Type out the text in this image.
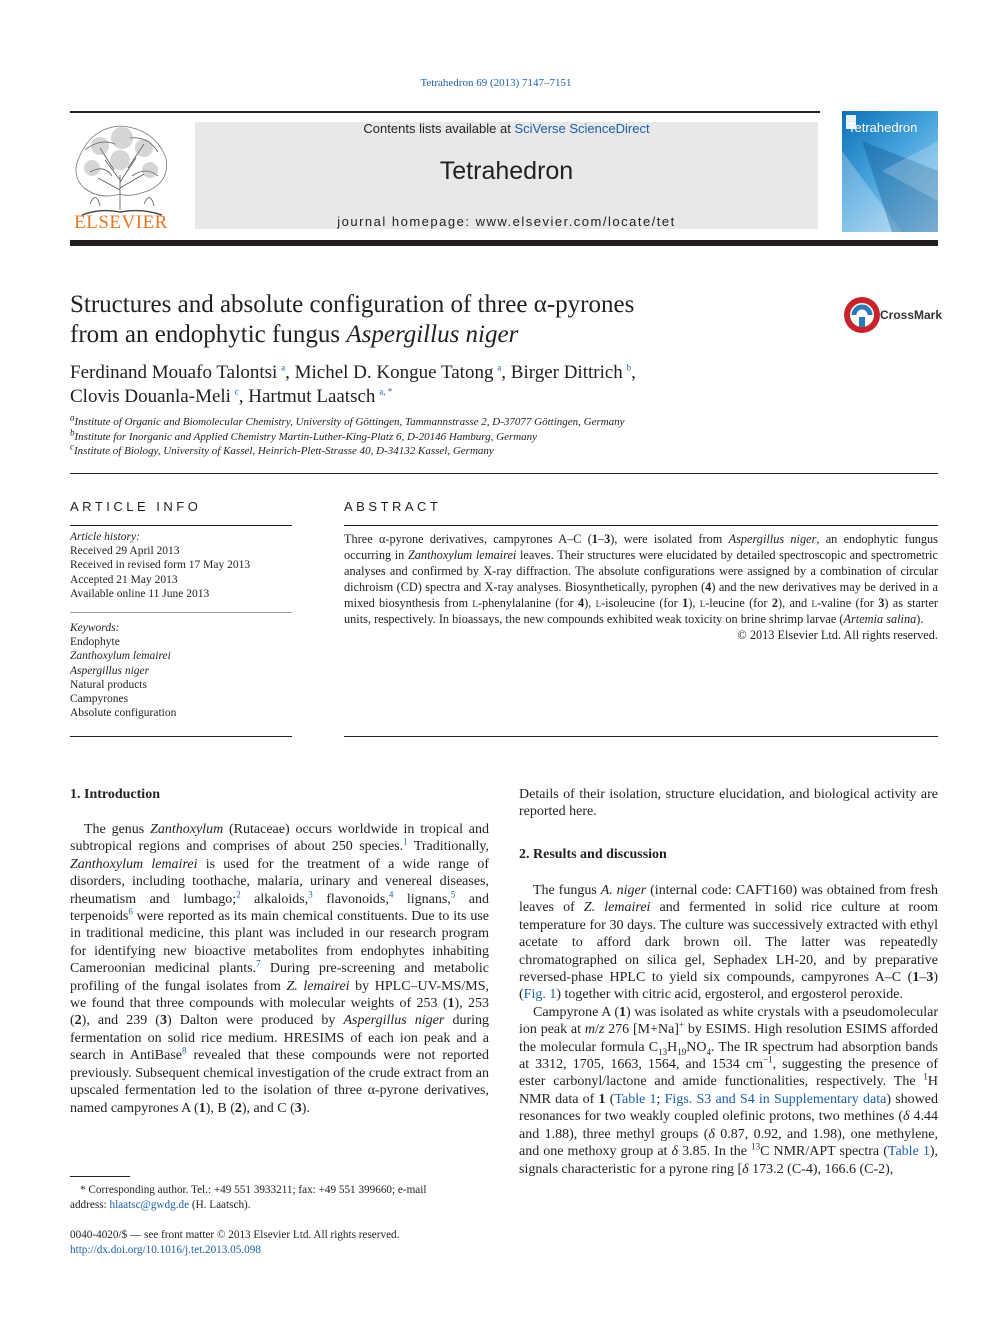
Tetrahedron 69 (2013) 7147–7151
Contents lists available at SciVerse ScienceDirect
Tetrahedron
journal homepage: www.elsevier.com/locate/tet
ELSEVIER
Tetrahedron
Structures and absolute configuration of three α-pyrones
from an endophytic fungus Aspergillus niger
CrossMark
Ferdinand Mouafo Talontsi  $^a$, Michel D. Kongue Tatong  $^a$, Birger Dittrich  $^b$,
Clovis Douanla-Meli  $^c$, Hartmut Laatsch  $^{a, *}$
$^a$Institute of Organic and Biomolecular Chemistry, University of Göttingen, Tammannstrasse 2, D-37077 Göttingen, Germany
$^b$Institute for Inorganic and Applied Chemistry Martin-Luther-King-Platz 6, D-20146 Hamburg, Germany
$^c$Institute of Biology, University of Kassel, Heinrich-Plett-Strasse 40, D-34132 Kassel, Germany
ARTICLE INFO
Article history:
Received 29 April 2013
Received in revised form 17 May 2013
Accepted 21 May 2013
Available online 11 June 2013
Keywords:
Endophyte
Zanthoxylum lemairei
Aspergillus niger
Natural products
Campyrones
Absolute configuration
ABSTRACT
Three α-pyrone derivatives, campyrones A–C (1–3), were isolated from Aspergillus niger, an endophytic fungus occurring in Zanthoxylum lemairei leaves. Their structures were elucidated by detailed spectroscopic and spectrometric analyses and confirmed by X-ray diffraction. The absolute configurations were assigned by a combination of circular dichroism (CD) spectra and X-ray analyses. Biosynthetically, pyrophen (4) and the new derivatives may be derived in a mixed biosynthesis from l-phenylalanine (for 4), l-isoleucine (for 1), l-leucine (for 2), and l-valine (for 3) as starter units, respectively. In bioassays, the new compounds exhibited weak toxicity on brine shrimp larvae (Artemia salina).
© 2013 Elsevier Ltd. All rights reserved.
1. Introduction
 The genus Zanthoxylum (Rutaceae) occurs worldwide in tropical and subtropical regions and comprises of about 250 species.$^1$ Traditionally, Zanthoxylum lemairei is used for the treatment of a wide range of disorders, including toothache, malaria, urinary and venereal diseases, rheumatism and lumbago;$^2$ alkaloids,$^3$ flavonoids,$^4$ lignans,$^5$ and terpenoids$^6$ were reported as its main chemical constituents. Due to its use in traditional medicine, this plant was included in our research program for identifying new bioactive metabolites from endophytes inhabiting Cameroonian medicinal plants.$^7$ During pre-screening and metabolic profiling of the fungal isolates from Z. lemairei by HPLC–UV-MS/MS, we found that three compounds with molecular weights of 253 (1), 253 (2), and 239 (3) Dalton were produced by Aspergillus niger during fermentation on solid rice medium. HRESIMS of each ion peak and a search in AntiBase$^8$ revealed that these compounds were not reported previously. Subsequent chemical investigation of the crude extract from an upscaled fermentation led to the isolation of three α-pyrone derivatives, named campyrones A (1), B (2), and C (3).
* Corresponding author. Tel.: +49 551 3933211; fax: +49 551 399660; e-mail
address: hlaatsc@gwdg.de (H. Laatsch).
0040-4020/$ — see front matter © 2013 Elsevier Ltd. All rights reserved.
http://dx.doi.org/10.1016/j.tet.2013.05.098
Details of their isolation, structure elucidation, and biological activity are reported here.
2. Results and discussion
 The fungus A. niger (internal code: CAFT160) was obtained from fresh leaves of Z. lemairei and fermented in solid rice culture at room temperature for 30 days. The culture was successively extracted with ethyl acetate to afford dark brown oil. The latter was repeatedly chromatographed on silica gel, Sephadex LH-20, and by preparative reversed-phase HPLC to yield six compounds, campyrones A–C (1–3) (Fig. 1) together with citric acid, ergosterol, and ergosterol peroxide.
 Campyrone A (1) was isolated as white crystals with a pseudomolecular ion peak at m/z 276 [M+Na]+ by ESIMS. High resolution ESIMS afforded the molecular formula $C_{13}H_{19}NO_4$. The IR spectrum had absorption bands at 3312, 1705, 1663, 1564, and 1534 $cm^{-1}$, suggesting the presence of ester carbonyl/lactone and amide functionalities, respectively. The $^1$H NMR data of 1 (Table 1; Figs. S3 and S4 in Supplementary data) showed resonances for two weakly coupled olefinic protons, two methines (δ 4.44 and 1.88), three methyl groups (δ 0.87, 0.92, and 1.98), one methylene, and one methoxy group at δ 3.85. In the $^{13}$C NMR/APT spectra (Table 1), signals characteristic for a pyrone ring [δ 173.2 (C-4), 166.6 (C-2),
